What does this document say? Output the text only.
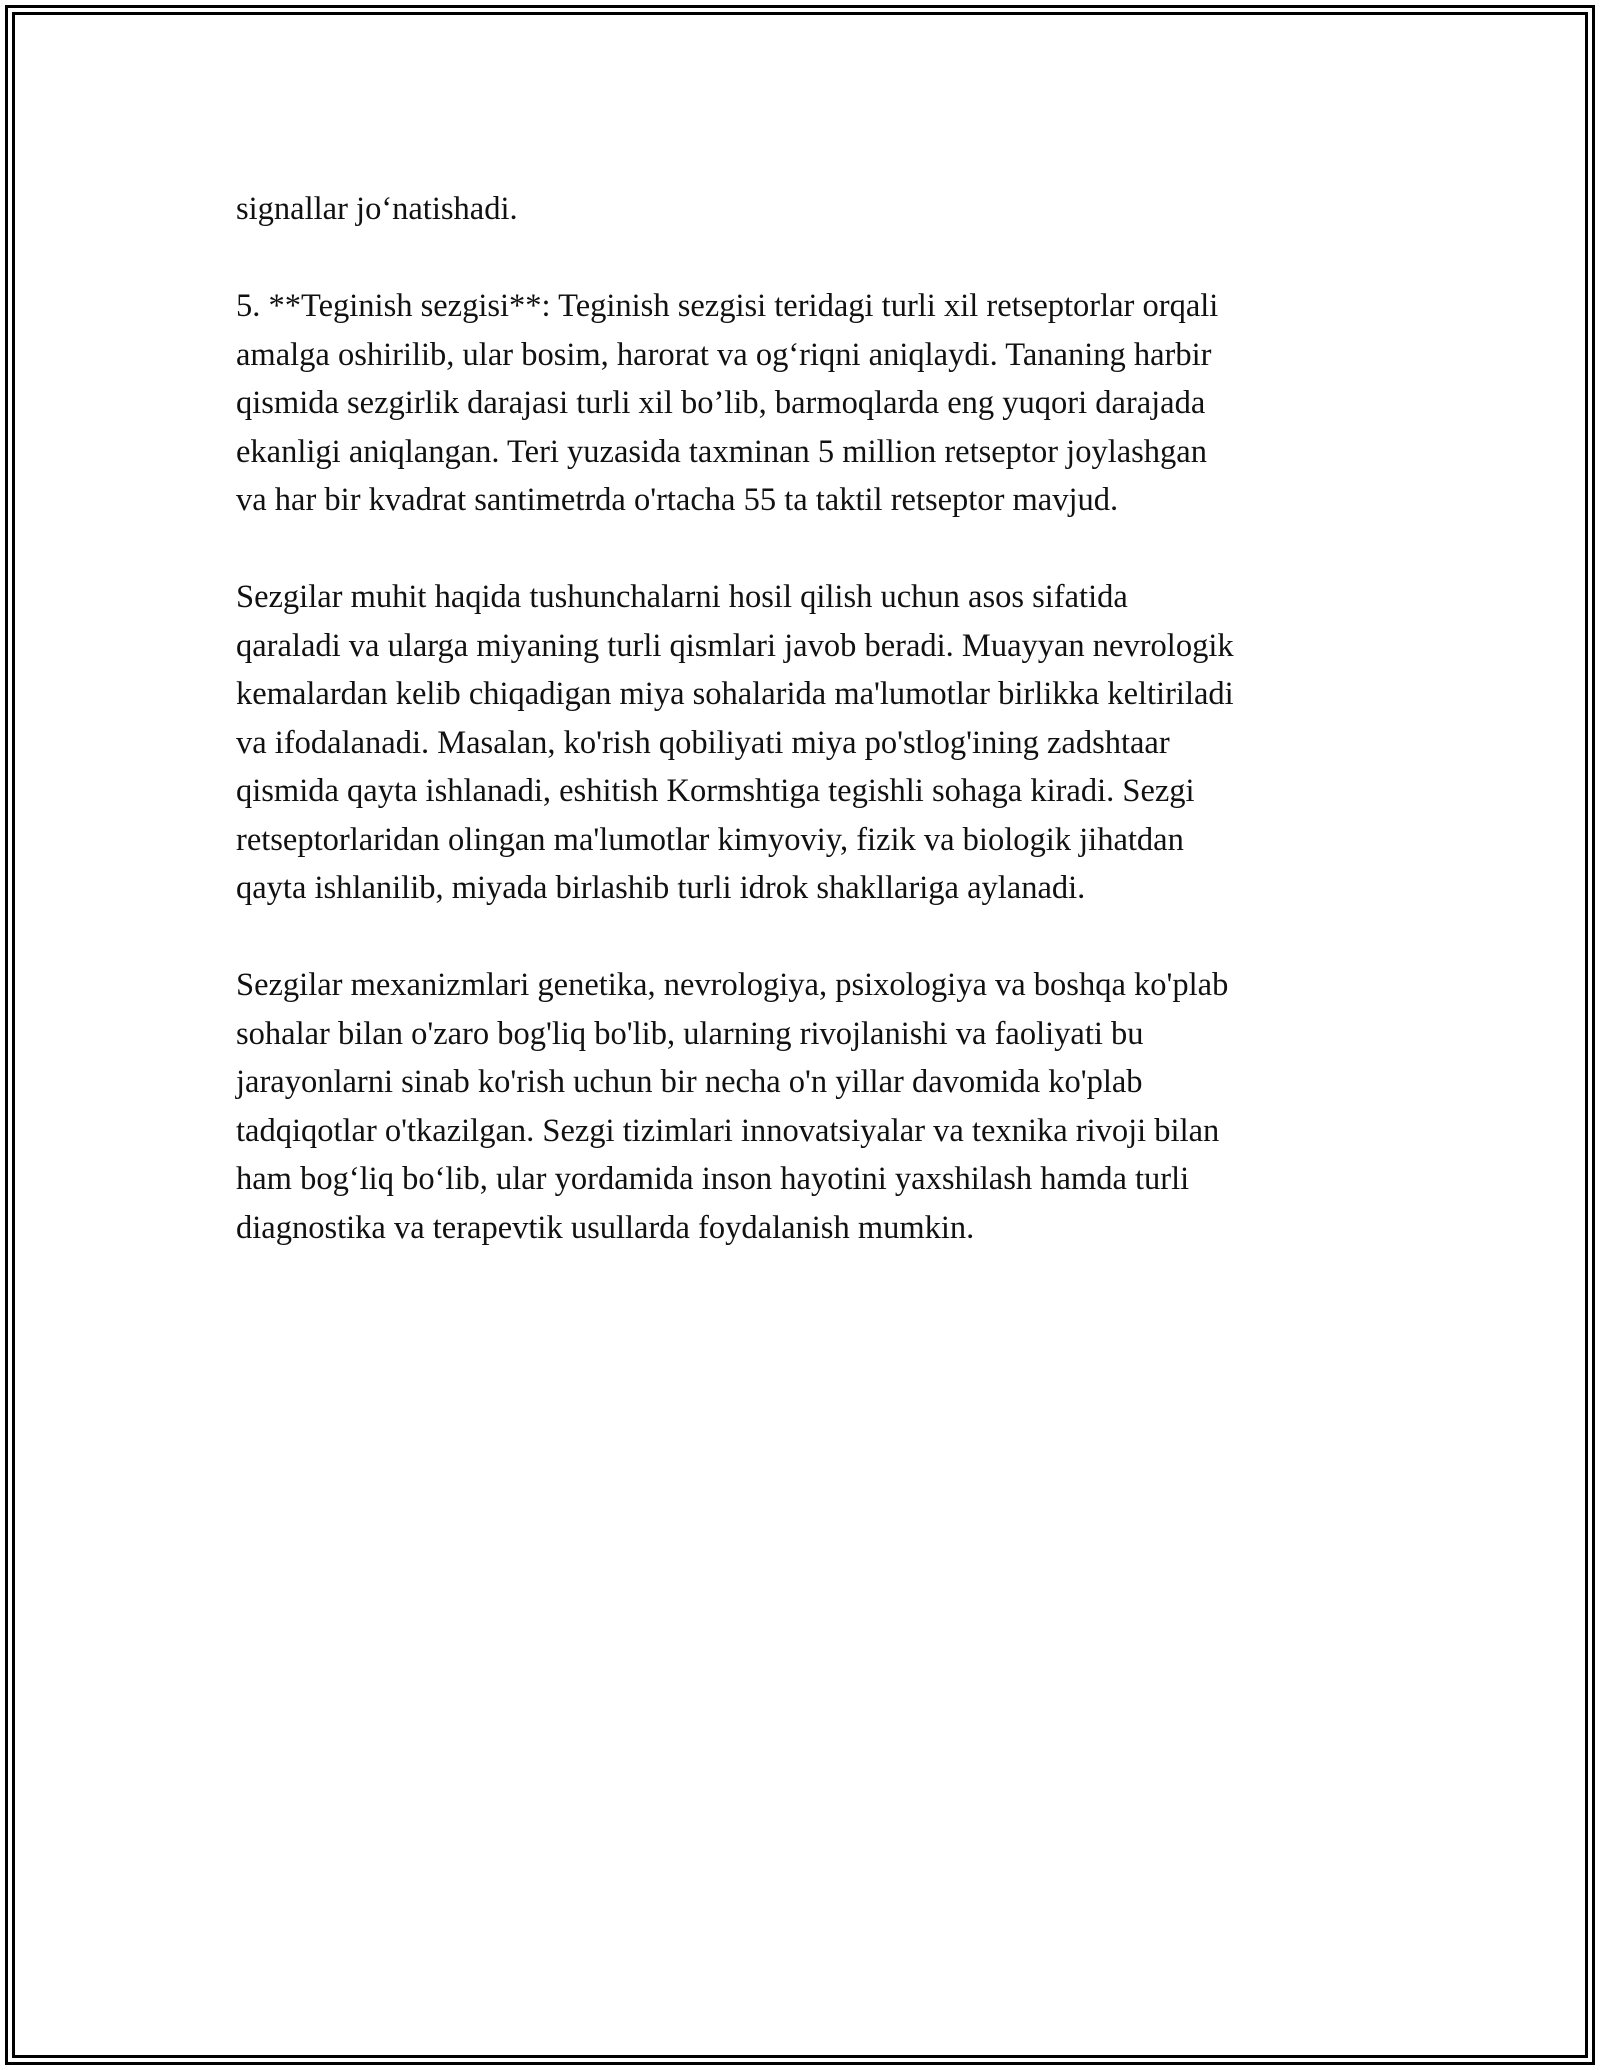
signallar jo‘natishadi.

5. **Teginish sezgisi**: Teginish sezgisi teridagi turli xil retseptorlar orqali
amalga oshirilib, ular bosim, harorat va og‘riqni aniqlaydi. Tananing harbir
qismida sezgirlik darajasi turli xil bo’lib, barmoqlarda eng yuqori darajada
ekanligi aniqlangan. Teri yuzasida taxminan 5 million retseptor joylashgan
va har bir kvadrat santimetrda o'rtacha 55 ta taktil retseptor mavjud.

Sezgilar muhit haqida tushunchalarni hosil qilish uchun asos sifatida
qaraladi va ularga miyaning turli qismlari javob beradi. Muayyan nevrologik
kemalardan kelib chiqadigan miya sohalarida ma'lumotlar birlikka keltiriladi
va ifodalanadi. Masalan, ko'rish qobiliyati miya po'stlog'ining zadshtaar
qismida qayta ishlanadi, eshitish Kormshtiga tegishli sohaga kiradi. Sezgi
retseptorlaridan olingan ma'lumotlar kimyoviy, fizik va biologik jihatdan
qayta ishlanilib, miyada birlashib turli idrok shakllariga aylanadi.

Sezgilar mexanizmlari genetika, nevrologiya, psixologiya va boshqa ko'plab
sohalar bilan o'zaro bog'liq bo'lib, ularning rivojlanishi va faoliyati bu
jarayonlarni sinab ko'rish uchun bir necha o'n yillar davomida ko'plab
tadqiqotlar o'tkazilgan. Sezgi tizimlari innovatsiyalar va texnika rivoji bilan
ham bog‘liq bo‘lib, ular yordamida inson hayotini yaxshilash hamda turli
diagnostika va terapevtik usullarda foydalanish mumkin.
